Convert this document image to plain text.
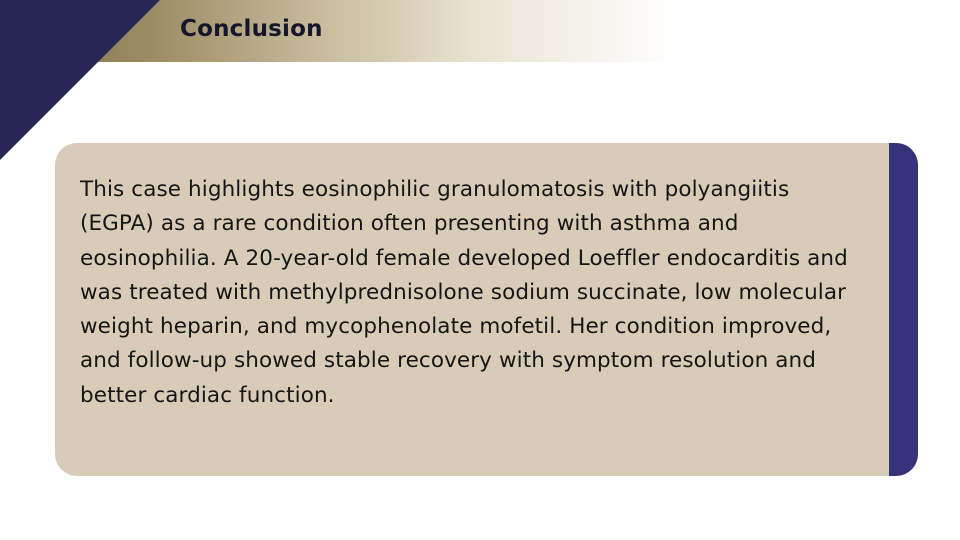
Conclusion

This case highlights eosinophilic granulomatosis with polyangiitis (EGPA) as a rare condition often presenting with asthma and eosinophilia. A 20-year-old female developed Loeffler endocarditis and was treated with methylprednisolone sodium succinate, low molecular weight heparin, and mycophenolate mofetil. Her condition improved, and follow-up showed stable recovery with symptom resolution and better cardiac function.
